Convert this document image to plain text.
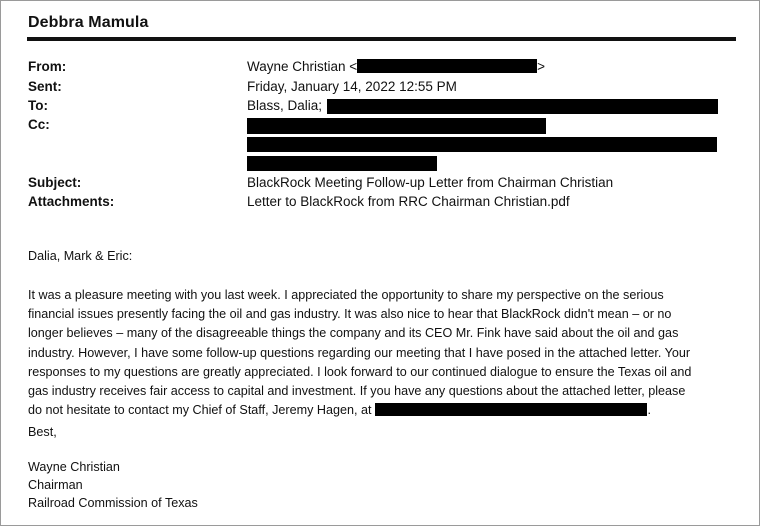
Debbra Mamula
From:	Wayne Christian <	>
Sent:	Friday, January 14, 2022 12:55 PM
To:	Blass, Dalia;
Cc:
Subject:	BlackRock Meeting Follow-up Letter from Chairman Christian
Attachments:	Letter to BlackRock from RRC Chairman Christian.pdf
Dalia, Mark & Eric:
It was a pleasure meeting with you last week. I appreciated the opportunity to share my perspective on the serious
financial issues presently facing the oil and gas industry. It was also nice to hear that BlackRock didn't mean – or no
longer believes – many of the disagreeable things the company and its CEO Mr. Fink have said about the oil and gas
industry. However, I have some follow-up questions regarding our meeting that I have posed in the attached letter. Your
responses to my questions are greatly appreciated. I look forward to our continued dialogue to ensure the Texas oil and
gas industry receives fair access to capital and investment. If you have any questions about the attached letter, please
do not hesitate to contact my Chief of Staff, Jeremy Hagen, at	.
Best,
Wayne Christian
Chairman
Railroad Commission of Texas
